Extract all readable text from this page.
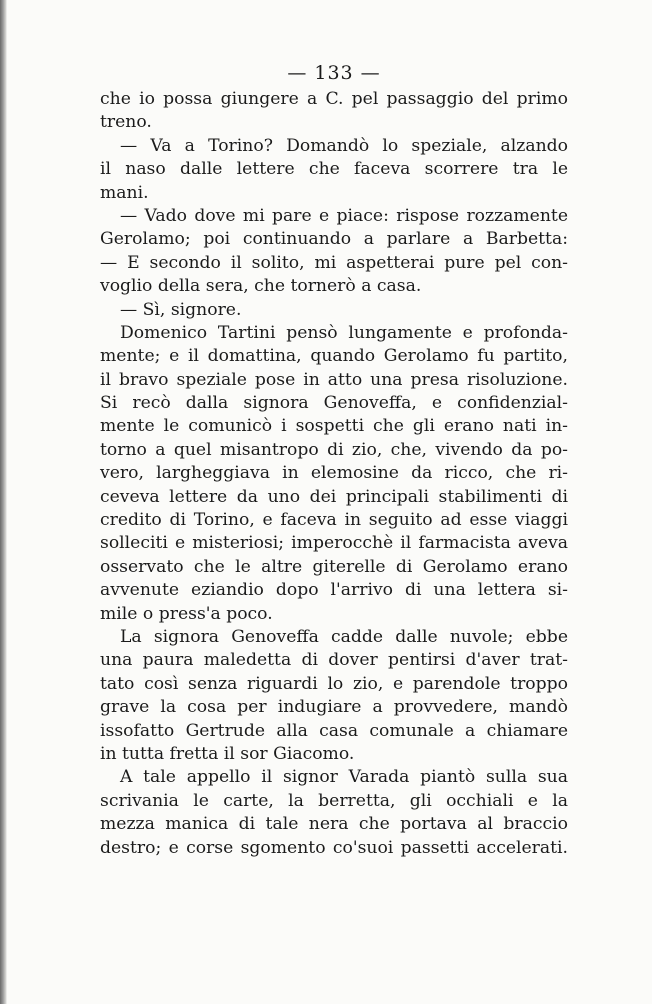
— 133 —
che io possa giungere a C. pel passaggio del primo
treno.
— Va a Torino? Domandò lo speziale, alzando
il naso dalle lettere che faceva scorrere tra le
mani.
— Vado dove mi pare e piace: rispose rozzamente
Gerolamo; poi continuando a parlare a Barbetta:
— E secondo il solito, mi aspetterai pure pel con-
voglio della sera, che tornerò a casa.
— Sì, signore.
Domenico Tartini pensò lungamente e profonda-
mente; e il domattina, quando Gerolamo fu partito,
il bravo speziale pose in atto una presa risoluzione.
Si recò dalla signora Genoveffa, e confidenzial-
mente le comunicò i sospetti che gli erano nati in-
torno a quel misantropo di zio, che, vivendo da po-
vero, largheggiava in elemosine da ricco, che ri-
ceveva lettere da uno dei principali stabilimenti di
credito di Torino, e faceva in seguito ad esse viaggi
solleciti e misteriosi; imperocchè il farmacista aveva
osservato che le altre giterelle di Gerolamo erano
avvenute eziandio dopo l'arrivo di una lettera si-
mile o press'a poco.
La signora Genoveffa cadde dalle nuvole; ebbe
una paura maledetta di dover pentirsi d'aver trat-
tato così senza riguardi lo zio, e parendole troppo
grave la cosa per indugiare a provvedere, mandò
issofatto Gertrude alla casa comunale a chiamare
in tutta fretta il sor Giacomo.
A tale appello il signor Varada piantò sulla sua
scrivania le carte, la berretta, gli occhiali e la
mezza manica di tale nera che portava al braccio
destro; e corse sgomento co'suoi passetti accelerati.
